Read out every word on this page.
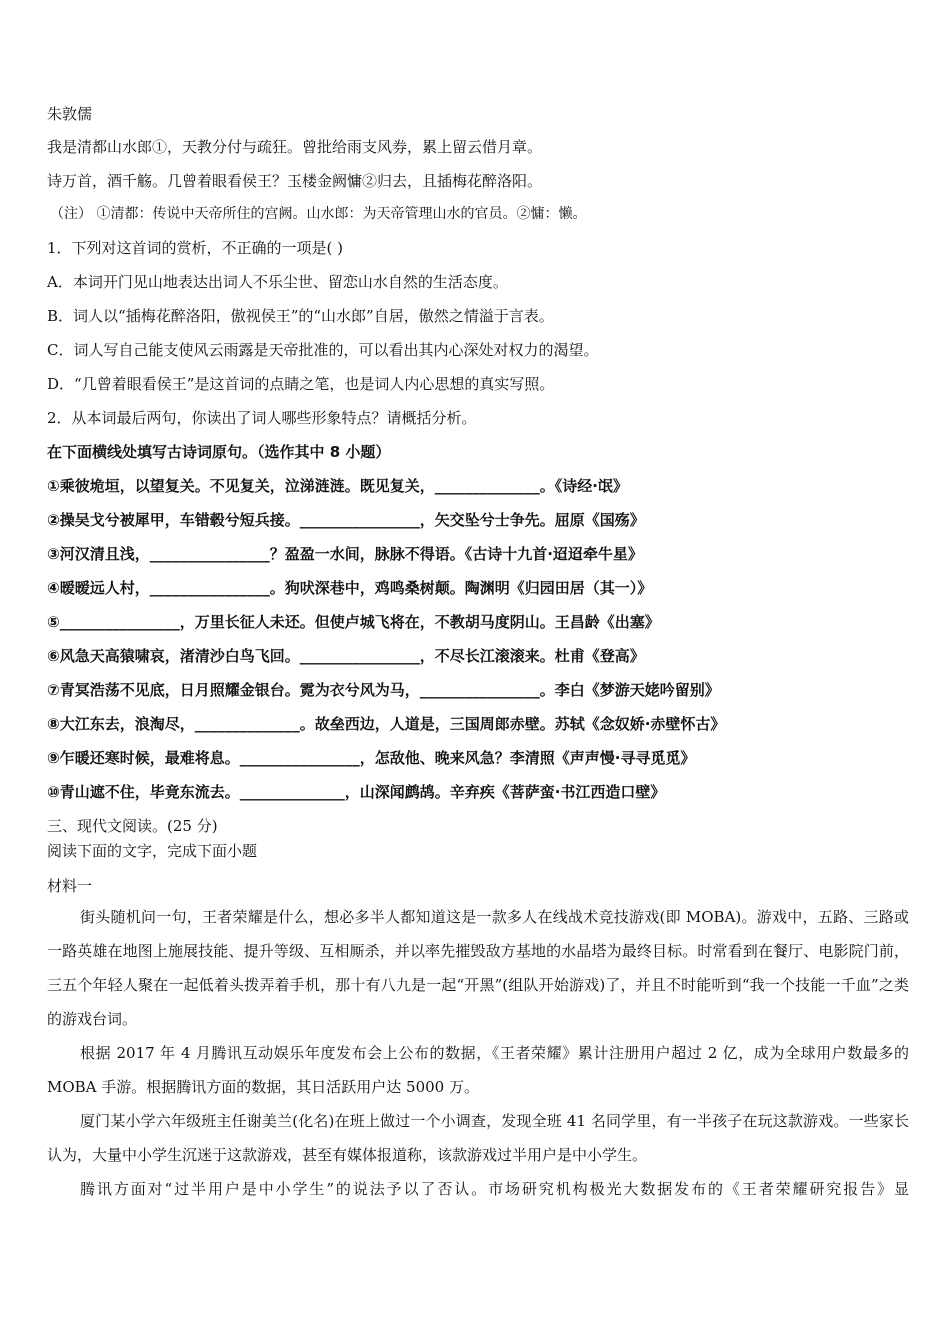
朱敦儒
我是清都山水郎①，天教分付与疏狂。曾批给雨支风券，累上留云借月章。
诗万首，酒千觞。几曾着眼看侯王？玉楼金阙慵②归去，且插梅花醉洛阳。
（注） ①清都：传说中天帝所住的宫阙。山水郎：为天帝管理山水的官员。②慵：懒。
1．下列对这首词的赏析，不正确的一项是( )
A．本词开门见山地表达出词人不乐尘世、留恋山水自然的生活态度。
B．词人以“插梅花醉洛阳，傲视侯王”的“山水郎”自居，傲然之情溢于言表。
C．词人写自己能支使风云雨露是天帝批准的，可以看出其内心深处对权力的渴望。
D．“几曾着眼看侯王”是这首词的点睛之笔，也是词人内心思想的真实写照。
2．从本词最后两句，你读出了词人哪些形象特点？请概括分析。
在下面横线处填写古诗词原句。（选作其中 8 小题）
①乘彼垝垣，以望复关。不见复关，泣涕涟涟。既见复关，______________。《诗经·氓》
②操吴戈兮被犀甲，车错毂兮短兵接。________________，矢交坠兮士争先。屈原《国殇》
③河汉清且浅，________________？盈盈一水间，脉脉不得语。《古诗十九首·迢迢牵牛星》
④暧暧远人村，________________。狗吠深巷中，鸡鸣桑树颠。陶渊明《归园田居（其一）》
⑤________________，万里长征人未还。但使卢城飞将在，不教胡马度阴山。王昌龄《出塞》
⑥风急天高猿啸哀，渚清沙白鸟飞回。________________，不尽长江滚滚来。杜甫《登高》
⑦青冥浩荡不见底，日月照耀金银台。霓为衣兮风为马，________________。李白《梦游天姥吟留别》
⑧大江东去，浪淘尽，______________。故垒西边，人道是，三国周郎赤壁。苏轼《念奴娇·赤壁怀古》
⑨乍暖还寒时候，最难将息。________________，怎敌他、晚来风急？李清照《声声慢·寻寻觅觅》
⑩青山遮不住，毕竟东流去。______________，山深闻鹧鸪。辛弃疾《菩萨蛮·书江西造口壁》
三、现代文阅读。(25 分)
阅读下面的文字，完成下面小题
材料一

街头随机问一句，王者荣耀是什么，想必多半人都知道这是一款多人在线战术竞技游戏(即 MOBA)。游戏中，五路、三路或一路英雄在地图上施展技能、提升等级、互相厮杀，并以率先摧毁敌方基地的水晶塔为最终目标。时常看到在餐厅、电影院门前，三五个年轻人聚在一起低着头拨弄着手机，那十有八九是一起“开黑”(组队开始游戏)了，并且不时能听到“我一个技能一千血”之类的游戏台词。

根据 2017 年 4 月腾讯互动娱乐年度发布会上公布的数据，《王者荣耀》累计注册用户超过 2 亿，成为全球用户数最多的 MOBA 手游。根据腾讯方面的数据，其日活跃用户达 5000 万。

厦门某小学六年级班主任谢美兰(化名)在班上做过一个小调查，发现全班 41 名同学里，有一半孩子在玩这款游戏。一些家长认为，大量中小学生沉迷于这款游戏，甚至有媒体报道称，该款游戏过半用户是中小学生。

腾讯方面对“过半用户是中小学生”的说法予以了否认。市场研究机构极光大数据发布的《王者荣耀研究报告》显
